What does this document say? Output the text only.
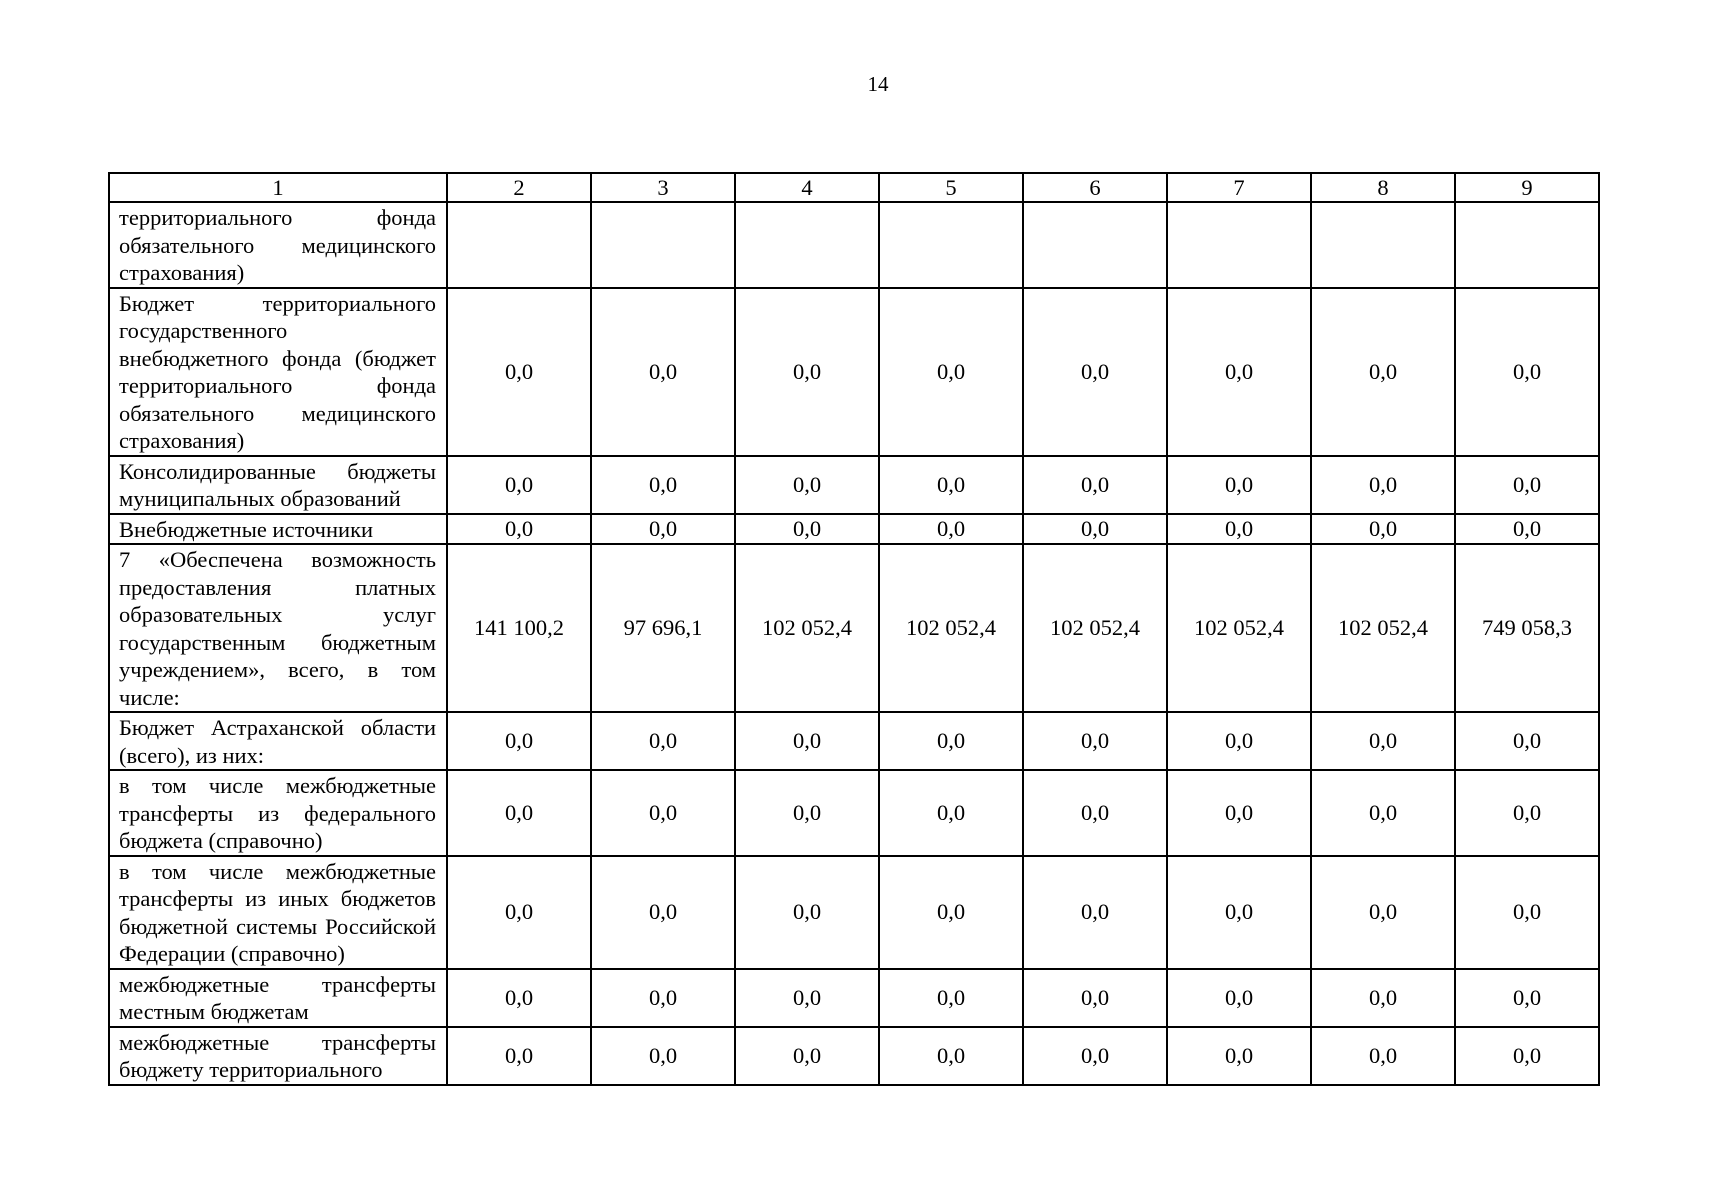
14
1	2	3	4	5	6	7	8	9
территориального фонда обязательного медицинского страхования)								
Бюджет территориального государственного внебюджетного фонда (бюджет территориального фонда обязательного медицинского страхования)	0,0	0,0	0,0	0,0	0,0	0,0	0,0	0,0
Консолидированные бюджеты муниципальных образований	0,0	0,0	0,0	0,0	0,0	0,0	0,0	0,0
Внебюджетные источники	0,0	0,0	0,0	0,0	0,0	0,0	0,0	0,0
7 «Обеспечена возможность предоставления платных образовательных услуг государственным бюджетным учреждением», всего, в том числе:	141 100,2	97 696,1	102 052,4	102 052,4	102 052,4	102 052,4	102 052,4	749 058,3
Бюджет Астраханской области (всего), из них:	0,0	0,0	0,0	0,0	0,0	0,0	0,0	0,0
в том числе межбюджетные трансферты из федерального бюджета (справочно)	0,0	0,0	0,0	0,0	0,0	0,0	0,0	0,0
в том числе межбюджетные трансферты из иных бюджетов бюджетной системы Российской Федерации (справочно)	0,0	0,0	0,0	0,0	0,0	0,0	0,0	0,0
межбюджетные трансферты местным бюджетам	0,0	0,0	0,0	0,0	0,0	0,0	0,0	0,0
межбюджетные трансферты бюджету территориального	0,0	0,0	0,0	0,0	0,0	0,0	0,0	0,0
